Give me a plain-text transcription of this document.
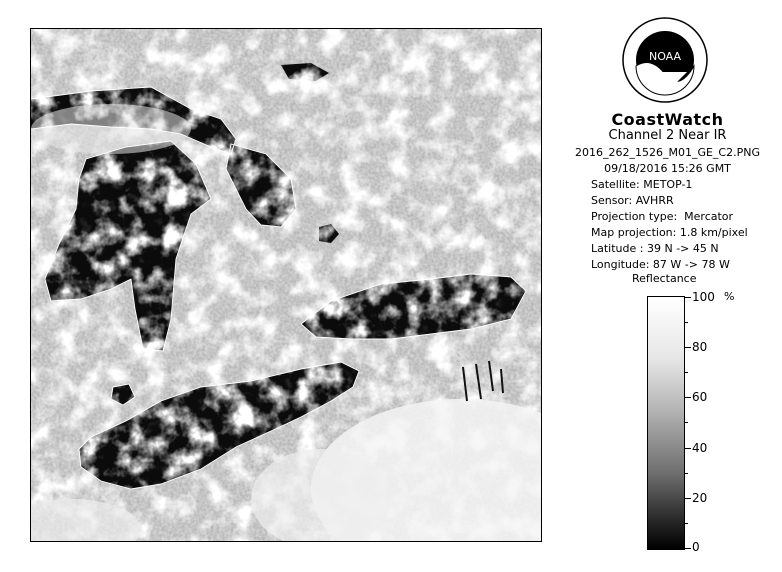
NOAA
CoastWatch
Channel 2 Near IR
2016_262_1526_M01_GE_C2.PNG
09/18/2016 15:26 GMT
Satellite: METOP-1
Sensor: AVHRR
Projection type:  Mercator
Map projection: 1.8 km/pixel
Latitude : 39 N -> 45 N
Longitude: 87 W -> 78 W
Reflectance
%
100
80
60
40
20
0
